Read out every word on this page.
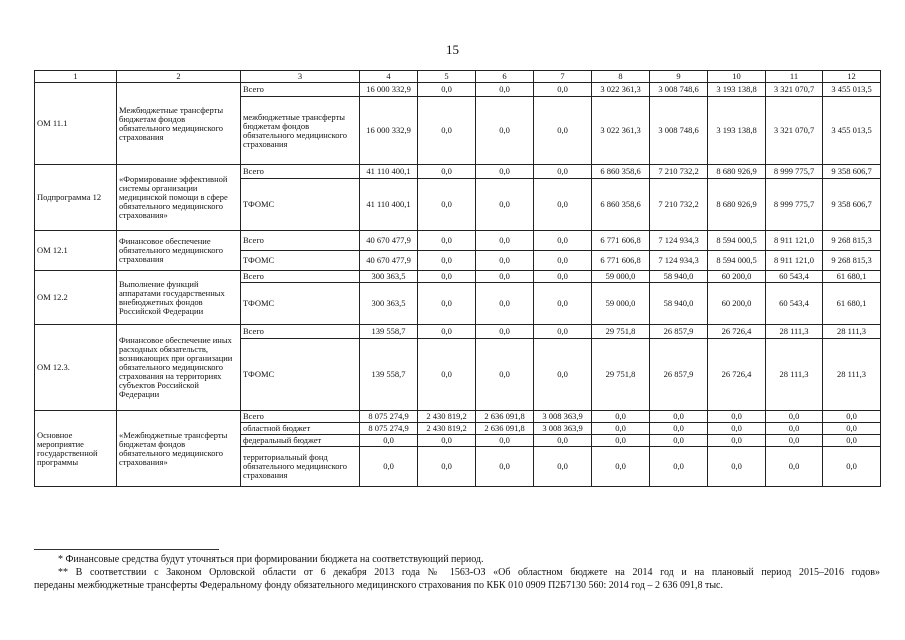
15
1	2	3	4	5	6	7	8	9	10	11	12
ОМ 11.1	Межбюджетные трансферты бюджетам фондов обязательного медицинского страхования	Всего	16 000 332,9	0,0	0,0	0,0	3 022 361,3	3 008 748,6	3 193 138,8	3 321 070,7	3 455 013,5
		межбюджетные трансферты бюджетам фондов обязательного медицинского страхования	16 000 332,9	0,0	0,0	0,0	3 022 361,3	3 008 748,6	3 193 138,8	3 321 070,7	3 455 013,5
Подпрограмма 12	«Формирование эффективной системы организации медицинской помощи в сфере обязательного медицинского страхования»	Всего	41 110 400,1	0,0	0,0	0,0	6 860 358,6	7 210 732,2	8 680 926,9	8 999 775,7	9 358 606,7
		ТФОМС	41 110 400,1	0,0	0,0	0,0	6 860 358,6	7 210 732,2	8 680 926,9	8 999 775,7	9 358 606,7
ОМ 12.1	Финансовое обеспечение обязательного медицинского страхования	Всего	40 670 477,9	0,0	0,0	0,0	6 771 606,8	7 124 934,3	8 594 000,5	8 911 121,0	9 268 815,3
		ТФОМС	40 670 477,9	0,0	0,0	0,0	6 771 606,8	7 124 934,3	8 594 000,5	8 911 121,0	9 268 815,3
ОМ 12.2	Выполнение функций аппаратами государственных внебюджетных фондов Российской Федерации	Всего	300 363,5	0,0	0,0	0,0	59 000,0	58 940,0	60 200,0	60 543,4	61 680,1
		ТФОМС	300 363,5	0,0	0,0	0,0	59 000,0	58 940,0	60 200,0	60 543,4	61 680,1
ОМ 12.3.	Финансовое обеспечение иных расходных обязательств, возникающих при организации обязательного медицинского страхования на территориях субъектов Российской Федерации	Всего	139 558,7	0,0	0,0	0,0	29 751,8	26 857,9	26 726,4	28 111,3	28 111,3
		ТФОМС	139 558,7	0,0	0,0	0,0	29 751,8	26 857,9	26 726,4	28 111,3	28 111,3
Основное мероприятие государственной программы	«Межбюджетные трансферты бюджетам фондов обязательного медицинского страхования»	Всего	8 075 274,9	2 430 819,2	2 636 091,8	3 008 363,9	0,0	0,0	0,0	0,0	0,0
		областной бюджет	8 075 274,9	2 430 819,2	2 636 091,8	3 008 363,9	0,0	0,0	0,0	0,0	0,0
		федеральный бюджет	0,0	0,0	0,0	0,0	0,0	0,0	0,0	0,0	0,0
		территориальный фонд обязательного медицинского страхования	0,0	0,0	0,0	0,0	0,0	0,0	0,0	0,0	0,0
* Финансовые средства будут уточняться при формировании бюджета на соответствующий период.
** В соответствии с Законом Орловской области от 6 декабря 2013 года № 1563-ОЗ «Об областном бюджете на 2014 год и на плановый период 2015–2016 годов»
переданы межбюджетные трансферты Федеральному фонду обязательного медицинского страхования по КБК 010 0909 П2Б7130 560: 2014 год – 2 636 091,8 тыс.
